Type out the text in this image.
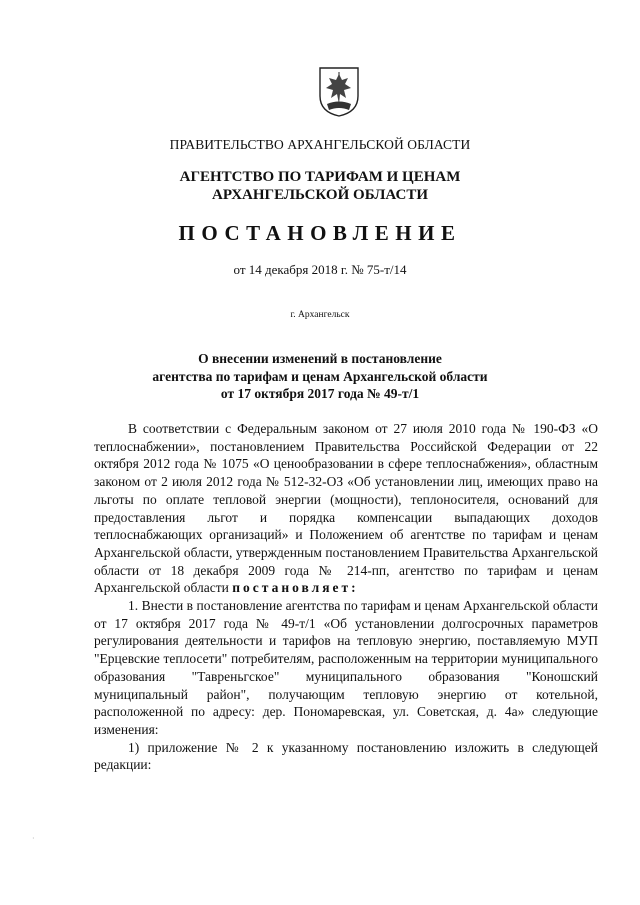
ПРАВИТЕЛЬСТВО АРХАНГЕЛЬСКОЙ ОБЛАСТИ
АГЕНТСТВО ПО ТАРИФАМ И ЦЕНАМ
АРХАНГЕЛЬСКОЙ ОБЛАСТИ
ПОСТАНОВЛЕНИЕ
от 14 декабря 2018 г. № 75-т/14
г. Архангельск
О внесении изменений в постановление
агентства по тарифам и ценам Архангельской области
от 17 октября 2017 года № 49-т/1

В соответствии с Федеральным законом от 27 июля 2010 года № 190-ФЗ «О теплоснабжении», постановлением Правительства Российской Федерации от 22 октября 2012 года № 1075 «О ценообразовании в сфере теплоснабжения», областным законом от 2 июля 2012 года № 512-32-ОЗ «Об установлении лиц, имеющих право на льготы по оплате тепловой энергии (мощности), теплоносителя, оснований для предоставления льгот и порядка компенсации выпадающих доходов теплоснабжающих организаций» и Положением об агентстве по тарифам и ценам Архангельской области, утвержденным постановлением Правительства Архангельской области от 18 декабря 2009 года № 214-пп, агентство по тарифам и ценам Архангельской области постановляет:

1. Внести в постановление агентства по тарифам и ценам Архангельской области от 17 октября 2017 года № 49-т/1 «Об установлении долгосрочных параметров регулирования деятельности и тарифов на тепловую энергию, поставляемую МУП "Ерцевские теплосети" потребителям, расположенным на территории муниципального образования "Тавреньгское" муниципального образования "Коношский муниципальный район", получающим тепловую энергию от котельной, расположенной по адресу: дер. Пономаревская, ул. Советская, д. 4а» следующие изменения:

1) приложение № 2 к указанному постановлению изложить в следующей редакции:

·
